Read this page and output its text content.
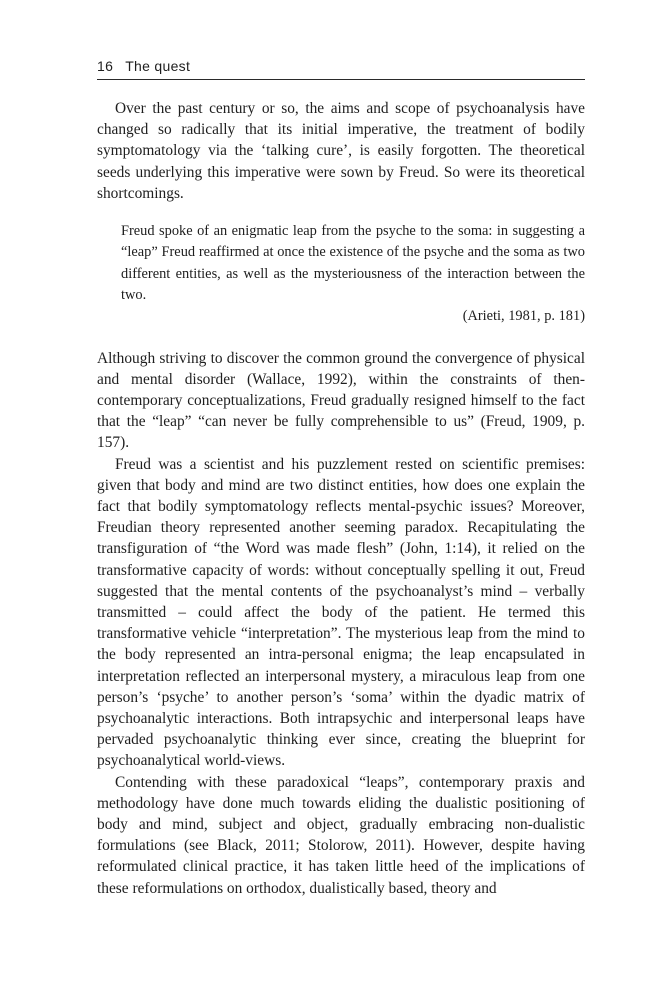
16 The quest

Over the past century or so, the aims and scope of psychoanalysis have changed so radically that its initial imperative, the treatment of bodily symptomatology via the ‘talking cure’, is easily forgotten. The theoretical seeds underlying this imperative were sown by Freud. So were its theoretical shortcomings.

Freud spoke of an enigmatic leap from the psyche to the soma: in suggesting a “leap” Freud reaffirmed at once the existence of the psyche and the soma as two different entities, as well as the mysteriousness of the interaction between the two.
(Arieti, 1981, p. 181)

Although striving to discover the common ground the convergence of physical and mental disorder (Wallace, 1992), within the constraints of then-contemporary conceptualizations, Freud gradually resigned himself to the fact that the “leap” “can never be fully comprehensible to us” (Freud, 1909, p. 157).

Freud was a scientist and his puzzlement rested on scientific premises: given that body and mind are two distinct entities, how does one explain the fact that bodily symptomatology reflects mental-psychic issues? Moreover, Freudian theory represented another seeming paradox. Recapitulating the transfiguration of “the Word was made flesh” (John, 1:14), it relied on the transformative capacity of words: without conceptually spelling it out, Freud suggested that the mental contents of the psychoanalyst’s mind – verbally transmitted – could affect the body of the patient. He termed this transformative vehicle “interpretation”. The mysterious leap from the mind to the body represented an intra-personal enigma; the leap encapsulated in interpretation reflected an interpersonal mystery, a miraculous leap from one person’s ‘psyche’ to another person’s ‘soma’ within the dyadic matrix of psychoanalytic interactions. Both intrapsychic and interpersonal leaps have pervaded psychoanalytic thinking ever since, creating the blueprint for psychoanalytical world-views.

Contending with these paradoxical “leaps”, contemporary praxis and methodology have done much towards eliding the dualistic positioning of body and mind, subject and object, gradually embracing non-dualistic formulations (see Black, 2011; Stolorow, 2011). However, despite having reformulated clinical practice, it has taken little heed of the implications of these reformulations on orthodox, dualistically based, theory and
